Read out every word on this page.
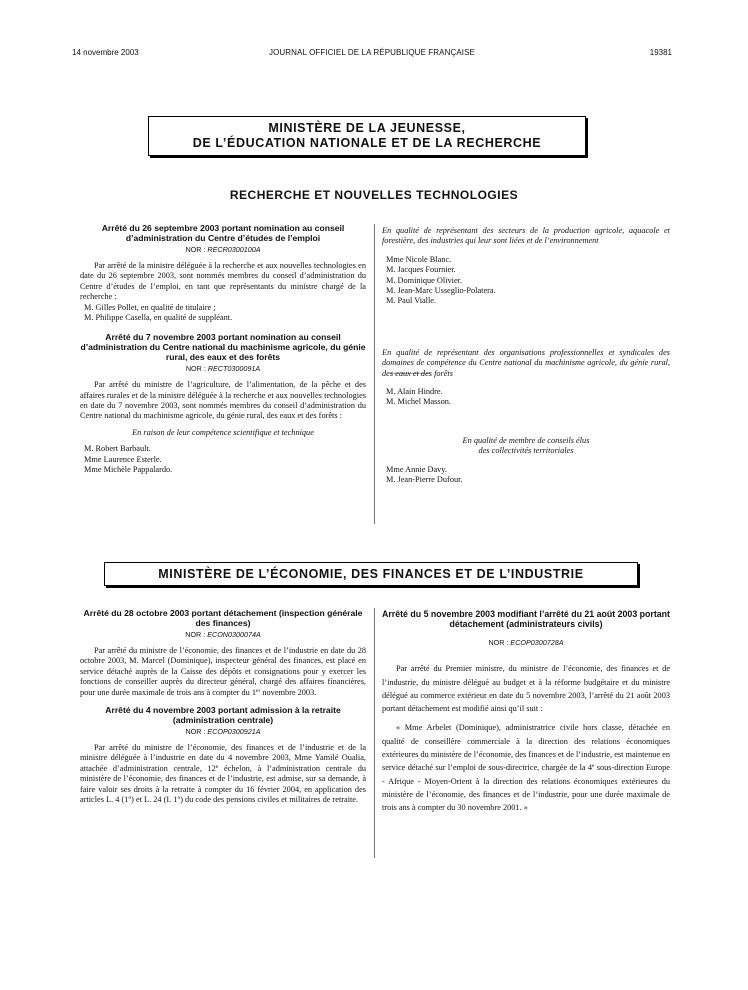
14 novembre 2003	JOURNAL OFFICIEL DE LA RÉPUBLIQUE FRANÇAISE	19381
MINISTÈRE DE LA JEUNESSE,
DE L’ÉDUCATION NATIONALE ET DE LA RECHERCHE
RECHERCHE ET NOUVELLES TECHNOLOGIES
Arrêté du 26 septembre 2003 portant nomination au conseil d’administration du Centre d’études de l’emploi
NOR : RECR0300100A
Par arrêté de la ministre déléguée à la recherche et aux nouvelles technologies en date du 26 septembre 2003, sont nommés membres du conseil d’administration du Centre d’études de l’emploi, en tant que représentants du ministre chargé de la recherche :
M. Gilles Pollet, en qualité de titulaire ;
M. Philippe Casella, en qualité de suppléant.
Arrêté du 7 novembre 2003 portant nomination au conseil d’administration du Centre national du machinisme agricole, du génie rural, des eaux et des forêts
NOR : RECT0300091A
Par arrêté du ministre de l’agriculture, de l’alimentation, de la pêche et des affaires rurales et de la ministre déléguée à la recherche et aux nouvelles technologies en date du 7 novembre 2003, sont nommés membres du conseil d’administration du Centre national du machinisme agricole, du génie rural, des eaux et des forêts :
En raison de leur compétence scientifique et technique
M. Robert Barbault.
Mme Laurence Esterle.
Mme Michèle Pappalardo.
En qualité de représentant des secteurs de la production agricole, aquacole et forestière, des industries qui leur sont liées et de l’environnement
Mme Nicole Blanc.
M. Jacques Fournier.
M. Dominique Olivier.
M. Jean-Marc Usseglio-Polatera.
M. Paul Vialle.
En qualité de représentant des organisations professionnelles et syndicales des domaines de compétence du Centre national du machinisme agricole, du génie rural, des eaux et des forêts
M. Alain Hindre.
M. Michel Masson.
En qualité de membre de conseils élus
des collectivités territoriales
Mme Annie Davy.
M. Jean-Pierre Dufour.
MINISTÈRE DE L’ÉCONOMIE, DES FINANCES ET DE L’INDUSTRIE
Arrêté du 28 octobre 2003 portant détachement (inspection générale des finances)
NOR : ECON0300074A
Par arrêté du ministre de l’économie, des finances et de l’industrie en date du 28 octobre 2003, M. Marcel (Dominique), inspecteur général des finances, est placé en service détaché auprès de la Caisse des dépôts et consignations pour y exercer les fonctions de conseiller auprès du directeur général, chargé des affaires financières, pour une durée maximale de trois ans à compter du 1er novembre 2003.
Arrêté du 4 novembre 2003 portant admission à la retraite (administration centrale)
NOR : ECOP0300921A
Par arrêté du ministre de l’économie, des finances et de l’industrie et de la ministre déléguée à l’industrie en date du 4 novembre 2003, Mme Yamilé Oualia, attachée d’administration centrale, 12e échelon, à l’administration centrale du ministère de l’économie, des finances et de l’industrie, est admise, sur sa demande, à faire valoir ses droits à la retraite à compter du 16 février 2004, en application des articles L. 4 (1$^o$) et L. 24 (I. 1$^o$) du code des pensions civiles et militaires de retraite.
Arrêté du 5 novembre 2003 modifiant l’arrêté du 21 août 2003 portant détachement (administrateurs civils)
NOR : ECOP0300728A
Par arrêté du Premier ministre, du ministre de l’économie, des finances et de l’industrie, du ministre délégué au budget et à la réforme budgétaire et du ministre délégué au commerce extérieur en date du 5 novembre 2003, l’arrêté du 21 août 2003 portant détachement est modifié ainsi qu’il suit :
« Mme Arbelet (Dominique), administratrice civile hors classe, détachée en qualité de conseillère commerciale à la direction des relations économiques extérieures du ministère de l’économie, des finances et de l’industrie, est maintenue en service détaché sur l’emploi de sous-directrice, chargée de la 4e sous-direction Europe - Afrique - Moyen-Orient à la direction des relations économiques extérieures du ministère de l’économie, des finances et de l’industrie, pour une durée maximale de trois ans à compter du 30 novembre 2001. »
